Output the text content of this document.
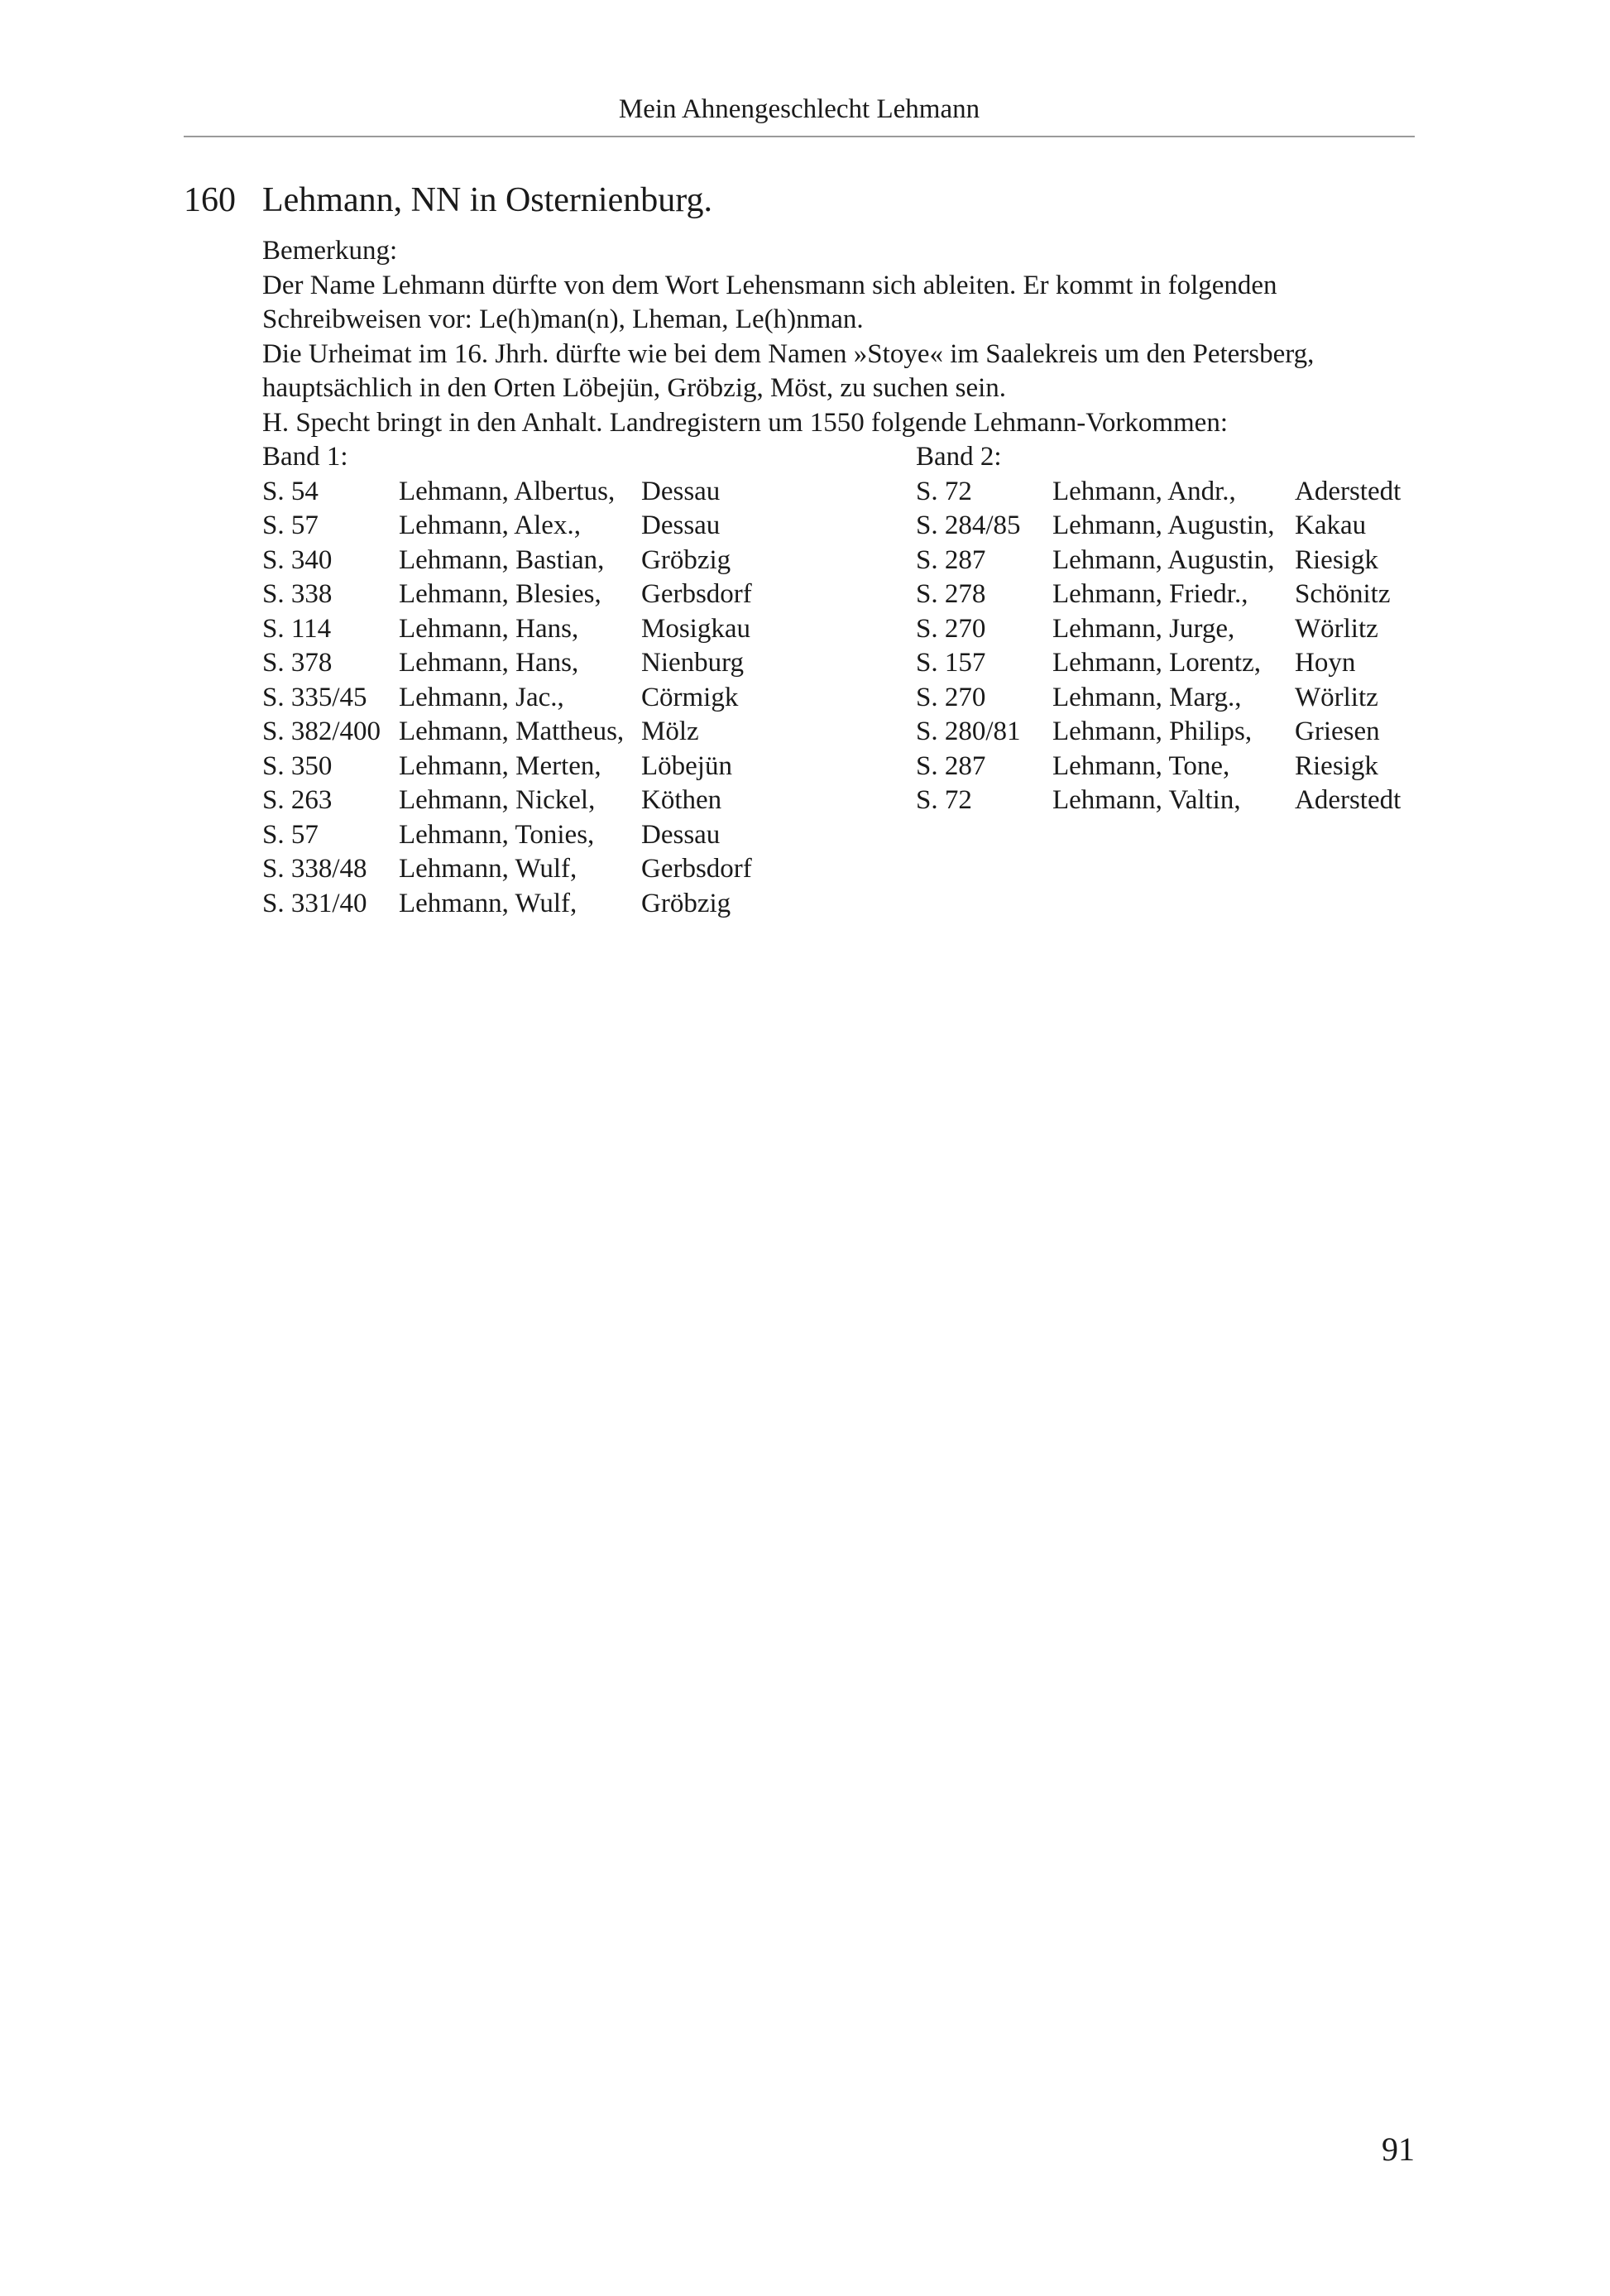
Mein Ahnengeschlecht Lehmann
160 Lehmann, NN in Osternienburg.

Bemerkung:

Der Name Lehmann dürfte von dem Wort Lehensmann sich ableiten. Er kommt in folgenden

Schreibweisen vor: Le(h)man(n), Lheman, Le(h)nman.

Die Urheimat im 16. Jhrh. dürfte wie bei dem Namen »Stoye« im Saalekreis um den Petersberg,

hauptsächlich in den Orten Löbejün, Gröbzig, Möst, zu suchen sein.

H. Specht bringt in den Anhalt. Landregistern um 1550 folgende Lehmann-Vorkommen:

Band 1:
S. 54	Lehmann, Albertus, Dessau
S. 57	Lehmann, Alex.,	Dessau
S. 340	Lehmann, Bastian,	Gröbzig
S. 338	Lehmann, Blesies,	Gerbsdorf
S. 114	Lehmann, Hans,	Mosigkau
S. 378	Lehmann, Hans,	Nienburg
S. 335/45	Lehmann, Jac.,	Cörmigk
S. 382/400 Lehmann, Mattheus, Mölz
S. 350	Lehmann, Merten,	Löbejün
S. 263	Lehmann, Nickel,	Köthen
S. 57	Lehmann, Tonies,	Dessau
S. 338/48	Lehmann, Wulf,	Gerbsdorf
S. 331/40	Lehmann, Wulf,	Gröbzig
Band 2:
S. 72	Lehmann, Andr.,	Aderstedt
S. 284/85	Lehmann, Augustin, Kakau
S. 287	Lehmann, Augustin, Riesigk
S. 278	Lehmann, Friedr.,	Schönitz
S. 270	Lehmann, Jurge,	Wörlitz
S. 157	Lehmann, Lorentz,	Hoyn
S. 270	Lehmann, Marg.,	Wörlitz
S. 280/81	Lehmann, Philips,	Griesen
S. 287	Lehmann, Tone,	Riesigk
S. 72	Lehmann, Valtin,	Aderstedt
91
